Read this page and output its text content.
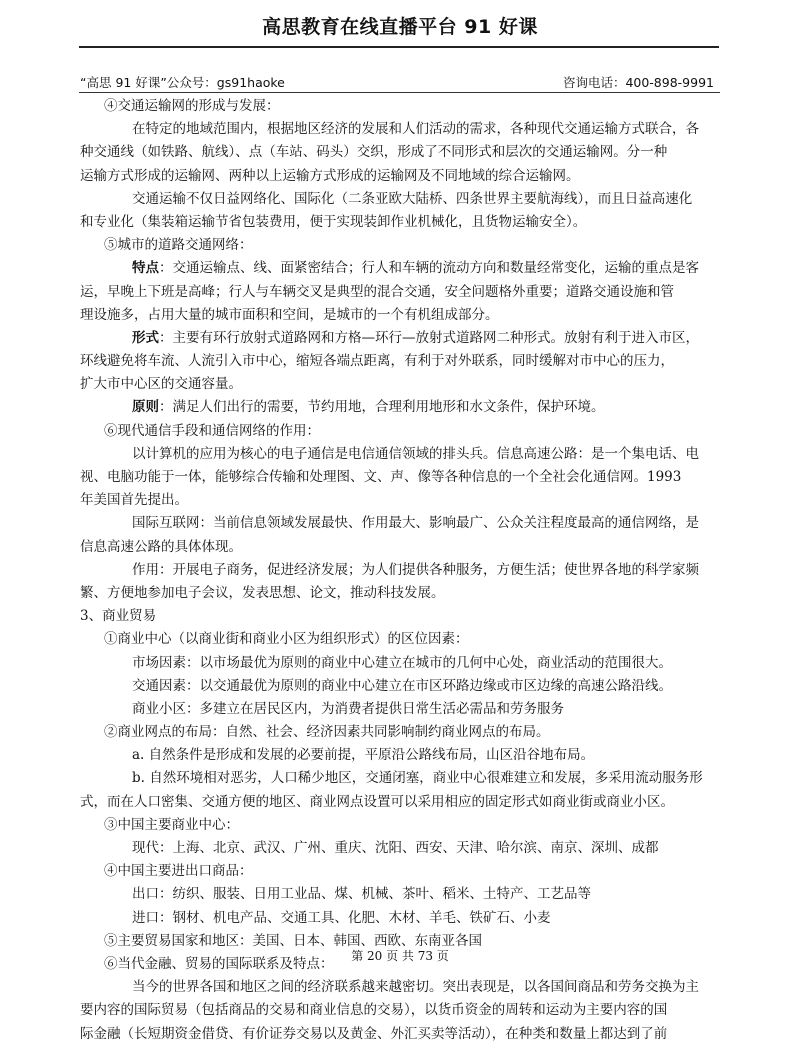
高思教育在线直播平台 91 好课
“高思 91 好课”公众号：gs91haoke	咨询电话：400-898-9991
④交通运输网的形成与发展：
在特定的地域范围内，根据地区经济的发展和人们活动的需求，各种现代交通运输方式联合，各
种交通线（如铁路、航线）、点（车站、码头）交织，形成了不同形式和层次的交通运输网。分一种
运输方式形成的运输网、两种以上运输方式形成的运输网及不同地域的综合运输网。
交通运输不仅日益网络化、国际化（二条亚欧大陆桥、四条世界主要航海线），而且日益高速化
和专业化（集装箱运输节省包装费用，便于实现装卸作业机械化，且货物运输安全）。
⑤城市的道路交通网络：
特点：交通运输点、线、面紧密结合；行人和车辆的流动方向和数量经常变化，运输的重点是客
运，早晚上下班是高峰；行人与车辆交叉是典型的混合交通，安全问题格外重要；道路交通设施和管
理设施多，占用大量的城市面积和空间，是城市的一个有机组成部分。
形式：主要有环行放射式道路网和方格—环行—放射式道路网二种形式。放射有利于进入市区，
环线避免将车流、人流引入市中心，缩短各端点距离，有利于对外联系，同时缓解对市中心的压力，
扩大市中心区的交通容量。
原则：满足人们出行的需要，节约用地，合理利用地形和水文条件，保护环境。
⑥现代通信手段和通信网络的作用：
以计算机的应用为核心的电子通信是电信通信领域的排头兵。信息高速公路：是一个集电话、电
视、电脑功能于一体，能够综合传输和处理图、文、声、像等各种信息的一个全社会化通信网。1993
年美国首先提出。
国际互联网：当前信息领域发展最快、作用最大、影响最广、公众关注程度最高的通信网络，是
信息高速公路的具体体现。
作用：开展电子商务，促进经济发展；为人们提供各种服务，方便生活；使世界各地的科学家频
繁、方便地参加电子会议，发表思想、论文，推动科技发展。
3、商业贸易
①商业中心（以商业街和商业小区为组织形式）的区位因素：
市场因素：以市场最优为原则的商业中心建立在城市的几何中心处，商业活动的范围很大。
交通因素：以交通最优为原则的商业中心建立在市区环路边缘或市区边缘的高速公路沿线。
商业小区：多建立在居民区内，为消费者提供日常生活必需品和劳务服务
②商业网点的布局：自然、社会、经济因素共同影响制约商业网点的布局。
a. 自然条件是形成和发展的必要前提，平原沿公路线布局，山区沿谷地布局。
b. 自然环境相对恶劣，人口稀少地区，交通闭塞，商业中心很难建立和发展，多采用流动服务形
式，而在人口密集、交通方便的地区、商业网点设置可以采用相应的固定形式如商业街或商业小区。
③中国主要商业中心：
现代：上海、北京、武汉、广州、重庆、沈阳、西安、天津、哈尔滨、南京、深圳、成都
④中国主要进出口商品：
出口：纺织、服装、日用工业品、煤、机械、茶叶、稻米、土特产、工艺品等
进口：钢材、机电产品、交通工具、化肥、木材、羊毛、铁矿石、小麦
⑤主要贸易国家和地区：美国、日本、韩国、西欧、东南亚各国
⑥当代金融、贸易的国际联系及特点：
当今的世界各国和地区之间的经济联系越来越密切。突出表现是，以各国间商品和劳务交换为主
要内容的国际贸易（包括商品的交易和商业信息的交易），以货币资金的周转和运动为主要内容的国
际金融（长短期资金借贷、有价证券交易以及黄金、外汇买卖等活动），在种类和数量上都达到了前
第 20 页 共 73 页
